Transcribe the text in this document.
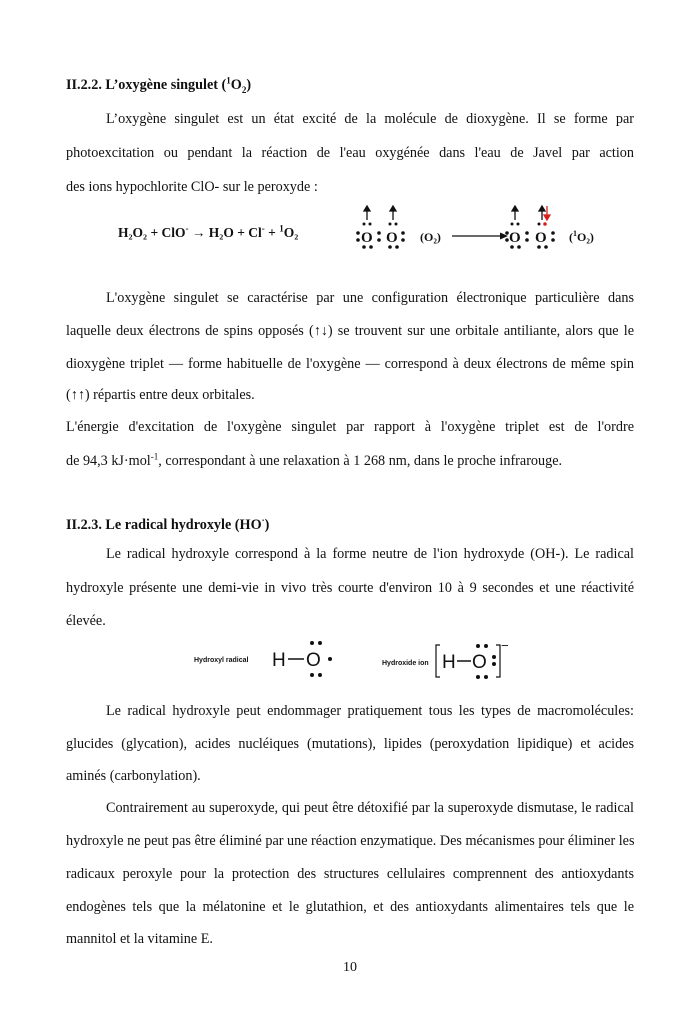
II.2.2. L’oxygène singulet $(^1O_2)$
L’oxygène singulet est un état excité de la molécule de dioxygène. Il se forme par
photoexcitation ou pendant la réaction de l'eau oxygénée dans l'eau de Javel par action
des ions hypochlorite ClO- sur le peroxyde :
H₂O₂ + ClO- → H₂O + Cl- + $^1$O₂	O O (O₂)	O O ($^1$O₂)
L'oxygène singulet se caractérise par une configuration électronique particulière dans
laquelle deux électrons de spins opposés (↑↓) se trouvent sur une orbitale antiliante, alors que le
dioxygène triplet — forme habituelle de l'oxygène — correspond à deux électrons de même spin
(↑↑) répartis entre deux orbitales.
L'énergie d'excitation de l'oxygène singulet par rapport à l'oxygène triplet est de l'ordre
de 94,3 kJ·mol$^{-1}$, correspondant à une relaxation à 1 268 nm, dans le proche infrarouge.
II.2.3. Le radical hydroxyle (HO·)
Le radical hydroxyle correspond à la forme neutre de l'ion hydroxyde (OH-). Le radical
hydroxyle présente une demi-vie in vivo très courte d'environ 10 à 9 secondes et une réactivité
élevée.
Hydroxyl radical H O	Hydroxide ion H O
−
Le radical hydroxyle peut endommager pratiquement tous les types de macromolécules:
glucides (glycation), acides nucléiques (mutations), lipides (peroxydation lipidique) et acides
aminés (carbonylation).
Contrairement au superoxyde, qui peut être détoxifié par la superoxyde dismutase, le radical
hydroxyle ne peut pas être éliminé par une réaction enzymatique. Des mécanismes pour éliminer les
radicaux peroxyle pour la protection des structures cellulaires comprennent des antioxydants
endogènes tels que la mélatonine et le glutathion, et des antioxydants alimentaires tels que le
mannitol et la vitamine E.
10
